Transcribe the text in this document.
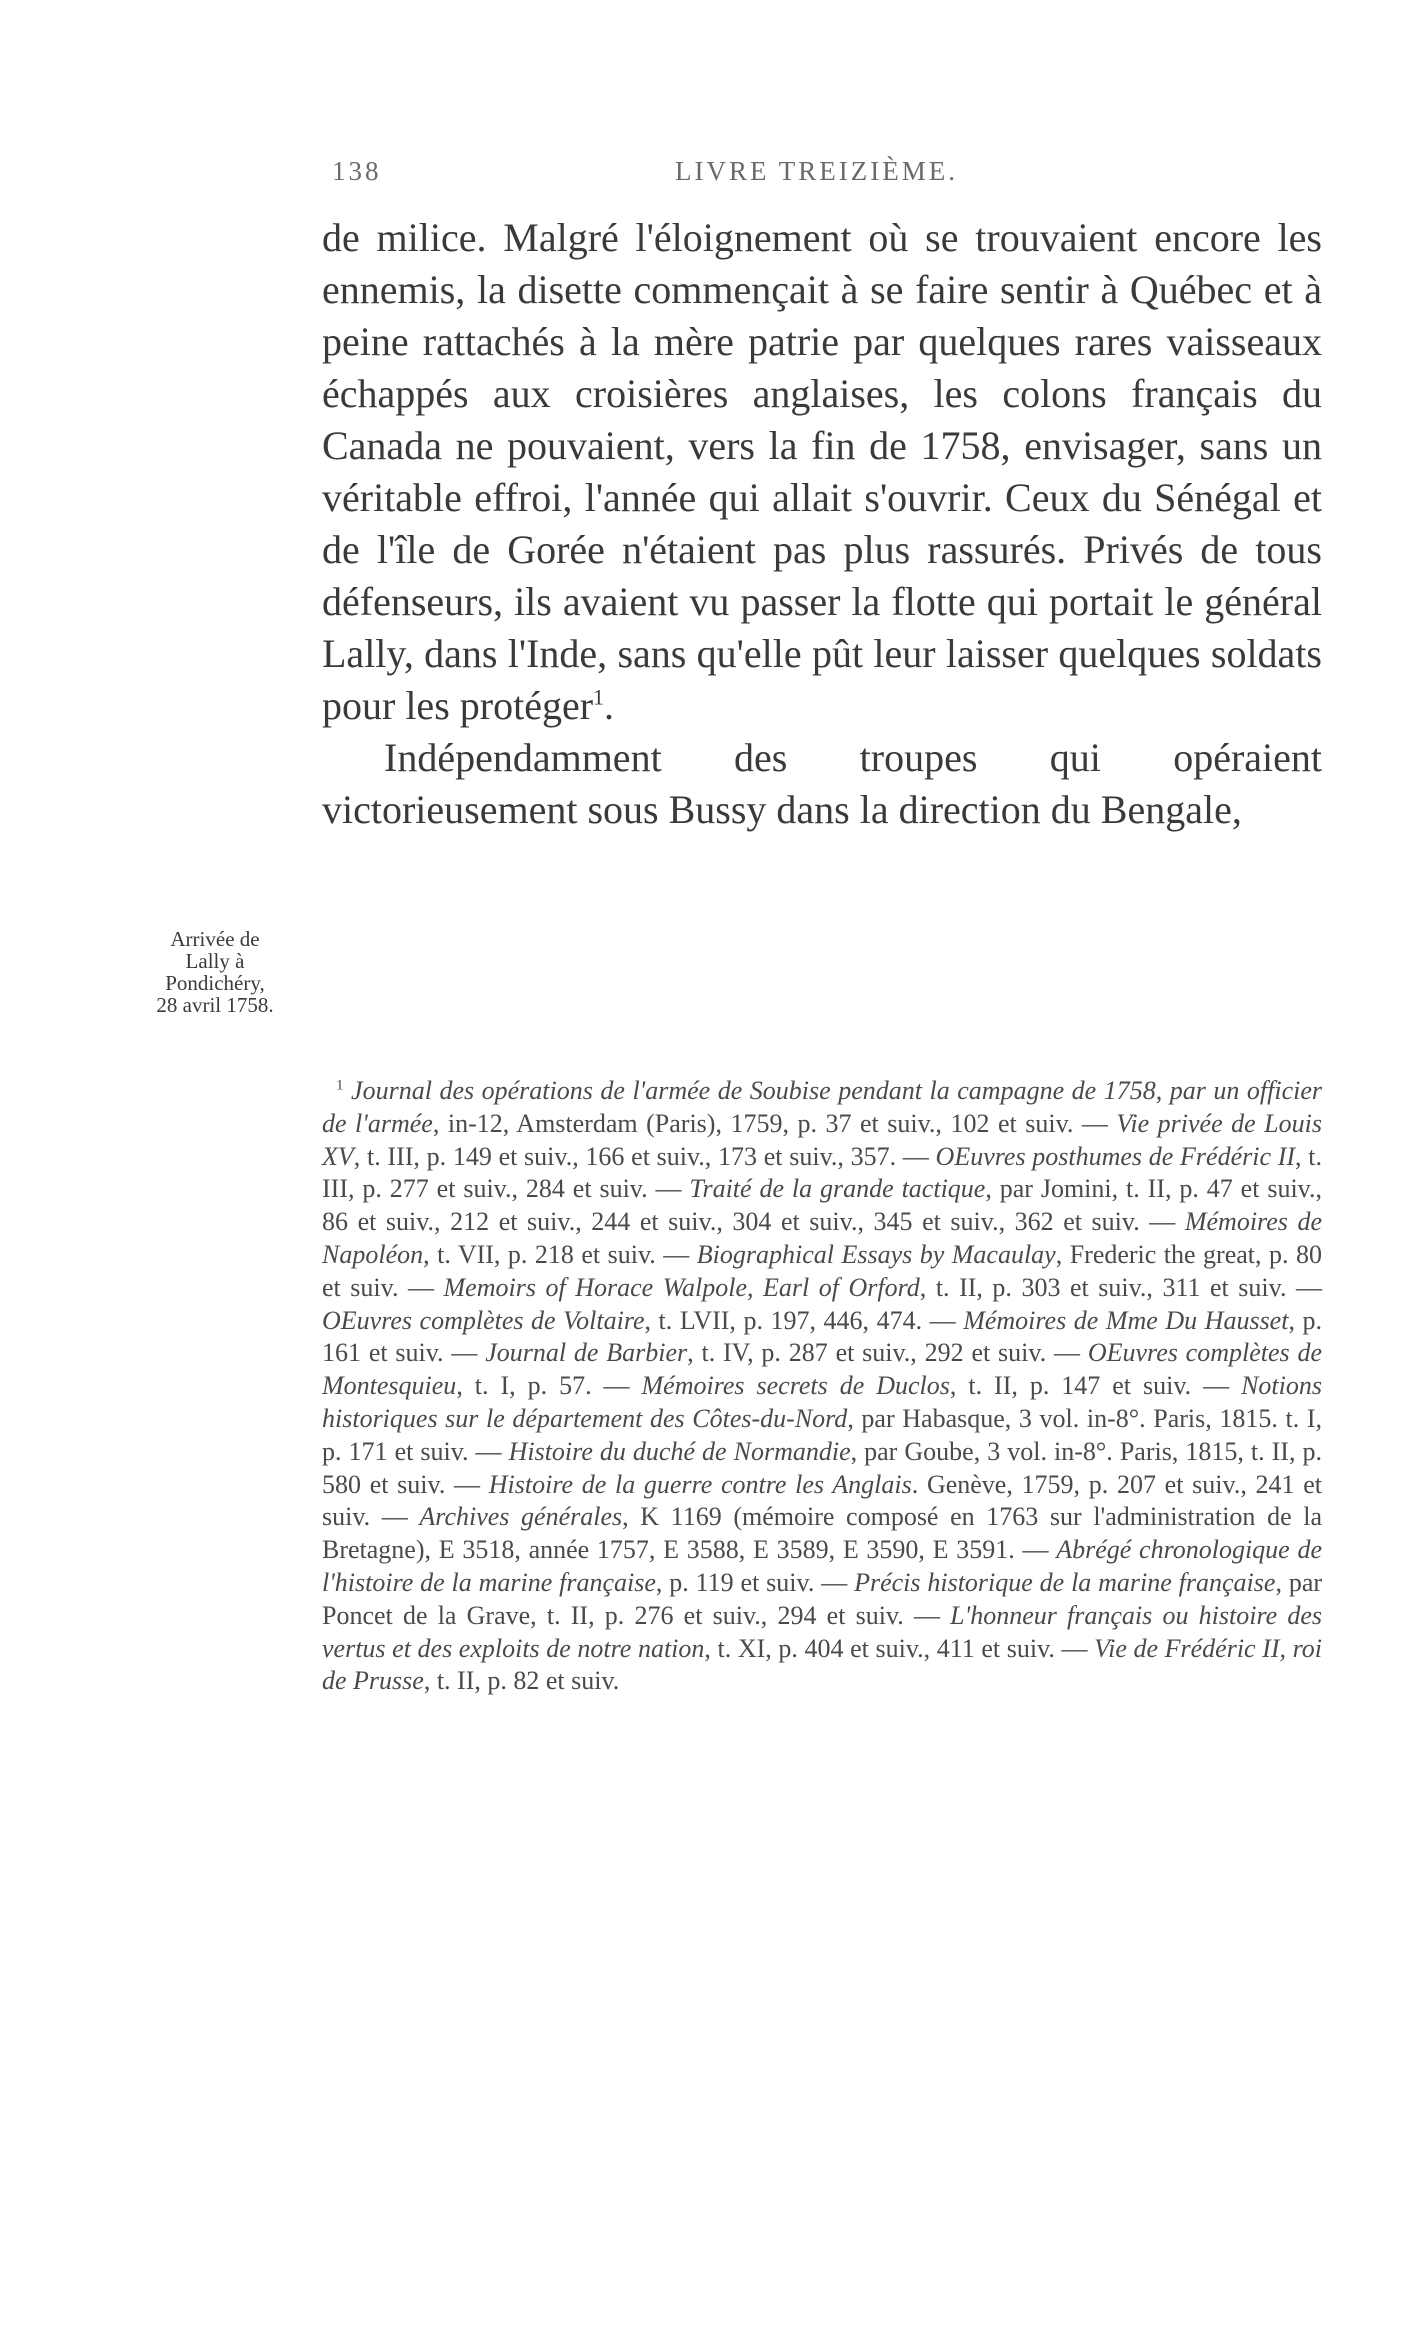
138	LIVRE TREIZIÈME.

de milice. Malgré l'éloignement où se trouvaient encore les ennemis, la disette commençait à se faire sentir à Québec et à peine rattachés à la mère patrie par quelques rares vaisseaux échappés aux croisières anglaises, les colons français du Canada ne pouvaient, vers la fin de 1758, envisager, sans un véritable effroi, l'année qui allait s'ouvrir. Ceux du Sénégal et de l'île de Gorée n'étaient pas plus rassurés. Privés de tous défenseurs, ils avaient vu passer la flotte qui portait le général Lally, dans l'Inde, sans qu'elle pût leur laisser quelques soldats pour les protéger$^1$.

Indépendamment des troupes qui opéraient victorieusement sous Bussy dans la direction du Bengale,

Arrivée de
Lally à
Pondichéry,
28 avril 1758.

$^1$ Journal des opérations de l'armée de Soubise pendant la campagne de 1758, par un officier de l'armée, in-12, Amsterdam (Paris), 1759, p. 37 et suiv., 102 et suiv. — Vie privée de Louis XV, t. III, p. 149 et suiv., 166 et suiv., 173 et suiv., 357. — OEuvres posthumes de Frédéric II, t. III, p. 277 et suiv., 284 et suiv. — Traité de la grande tactique, par Jomini, t. II, p. 47 et suiv., 86 et suiv., 212 et suiv., 244 et suiv., 304 et suiv., 345 et suiv., 362 et suiv. — Mémoires de Napoléon, t. VII, p. 218 et suiv. — Biographical Essays by Macaulay, Frederic the great, p. 80 et suiv. — Memoirs of Horace Walpole, Earl of Orford, t. II, p. 303 et suiv., 311 et suiv. — OEuvres complètes de Voltaire, t. LVII, p. 197, 446, 474. — Mémoires de Mme Du Hausset, p. 161 et suiv. — Journal de Barbier, t. IV, p. 287 et suiv., 292 et suiv. — OEuvres complètes de Montesquieu, t. I, p. 57. — Mémoires secrets de Duclos, t. II, p. 147 et suiv. — Notions historiques sur le département des Côtes-du-Nord, par Habasque, 3 vol. in-8°. Paris, 1815. t. I, p. 171 et suiv. — Histoire du duché de Normandie, par Goube, 3 vol. in-8°. Paris, 1815, t. II, p. 580 et suiv. — Histoire de la guerre contre les Anglais. Genève, 1759, p. 207 et suiv., 241 et suiv. — Archives générales, K 1169 (mémoire composé en 1763 sur l'administration de la Bretagne), E 3518, année 1757, E 3588, E 3589, E 3590, E 3591. — Abrégé chronologique de l'histoire de la marine française, p. 119 et suiv. — Précis historique de la marine française, par Poncet de la Grave, t. II, p. 276 et suiv., 294 et suiv. — L'honneur français ou histoire des vertus et des exploits de notre nation, t. XI, p. 404 et suiv., 411 et suiv. — Vie de Frédéric II, roi de Prusse, t. II, p. 82 et suiv.
